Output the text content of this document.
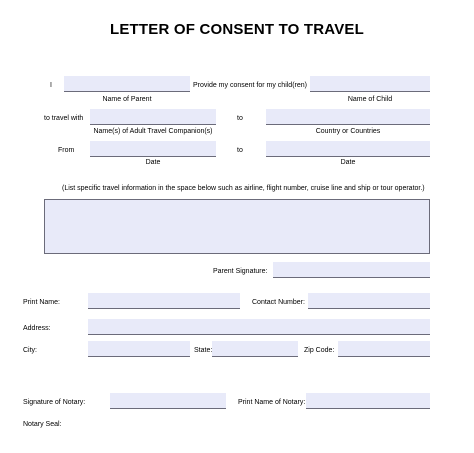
LETTER OF CONSENT TO TRAVEL
I	Provide my consent for my child(ren)
Name of Parent	Name of Child
to travel with	to
Name(s) of Adult Travel Companion(s)	Country or Countries
From	to
Date	Date
(List specific travel information in the space below such as airline, flight number, cruise line and ship or tour operator.)
Parent Signature:
Print Name:	Contact Number:
Address:
City:	State:	Zip Code:
Signature of Notary:	Print Name of Notary:
Notary Seal:
